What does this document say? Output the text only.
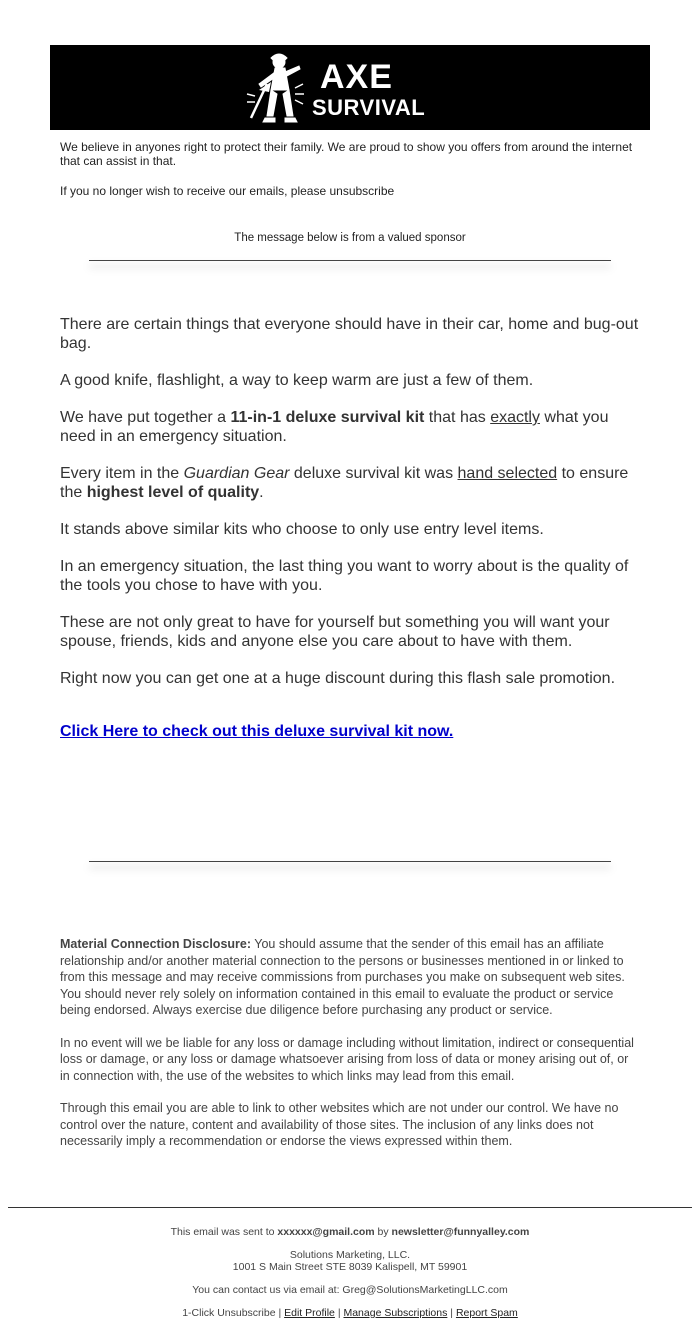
AXE
SURVIVAL

We believe in anyones right to protect their family. We are proud to show you offers from around the internet that can assist in that.

If you no longer wish to receive our emails, please unsubscribe

The message below is from a valued sponsor

There are certain things that everyone should have in their car, home and bug-out bag.

A good knife, flashlight, a way to keep warm are just a few of them.

We have put together a 11-in-1 deluxe survival kit that has exactly what you need in an emergency situation.

Every item in the Guardian Gear deluxe survival kit was hand selected to ensure the highest level of quality.

It stands above similar kits who choose to only use entry level items.

In an emergency situation, the last thing you want to worry about is the quality of the tools you chose to have with you.

These are not only great to have for yourself but something you will want your spouse, friends, kids and anyone else you care about to have with them.

Right now you can get one at a huge discount during this flash sale promotion.

Click Here to check out this deluxe survival kit now.

Material Connection Disclosure: You should assume that the sender of this email has an affiliate relationship and/or another material connection to the persons or businesses mentioned in or linked to from this message and may receive commissions from purchases you make on subsequent web sites. You should never rely solely on information contained in this email to evaluate the product or service being endorsed. Always exercise due diligence before purchasing any product or service.

In no event will we be liable for any loss or damage including without limitation, indirect or consequential loss or damage, or any loss or damage whatsoever arising from loss of data or money arising out of, or in connection with, the use of the websites to which links may lead from this email.

Through this email you are able to link to other websites which are not under our control. We have no control over the nature, content and availability of those sites. The inclusion of any links does not necessarily imply a recommendation or endorse the views expressed within them.

This email was sent to xxxxxx@gmail.com by newsletter@funnyalley.com

Solutions Marketing, LLC.
1001 S Main Street STE 8039 Kalispell, MT 59901

You can contact us via email at: Greg@SolutionsMarketingLLC.com

1-Click Unsubscribe | Edit Profile | Manage Subscriptions | Report Spam
